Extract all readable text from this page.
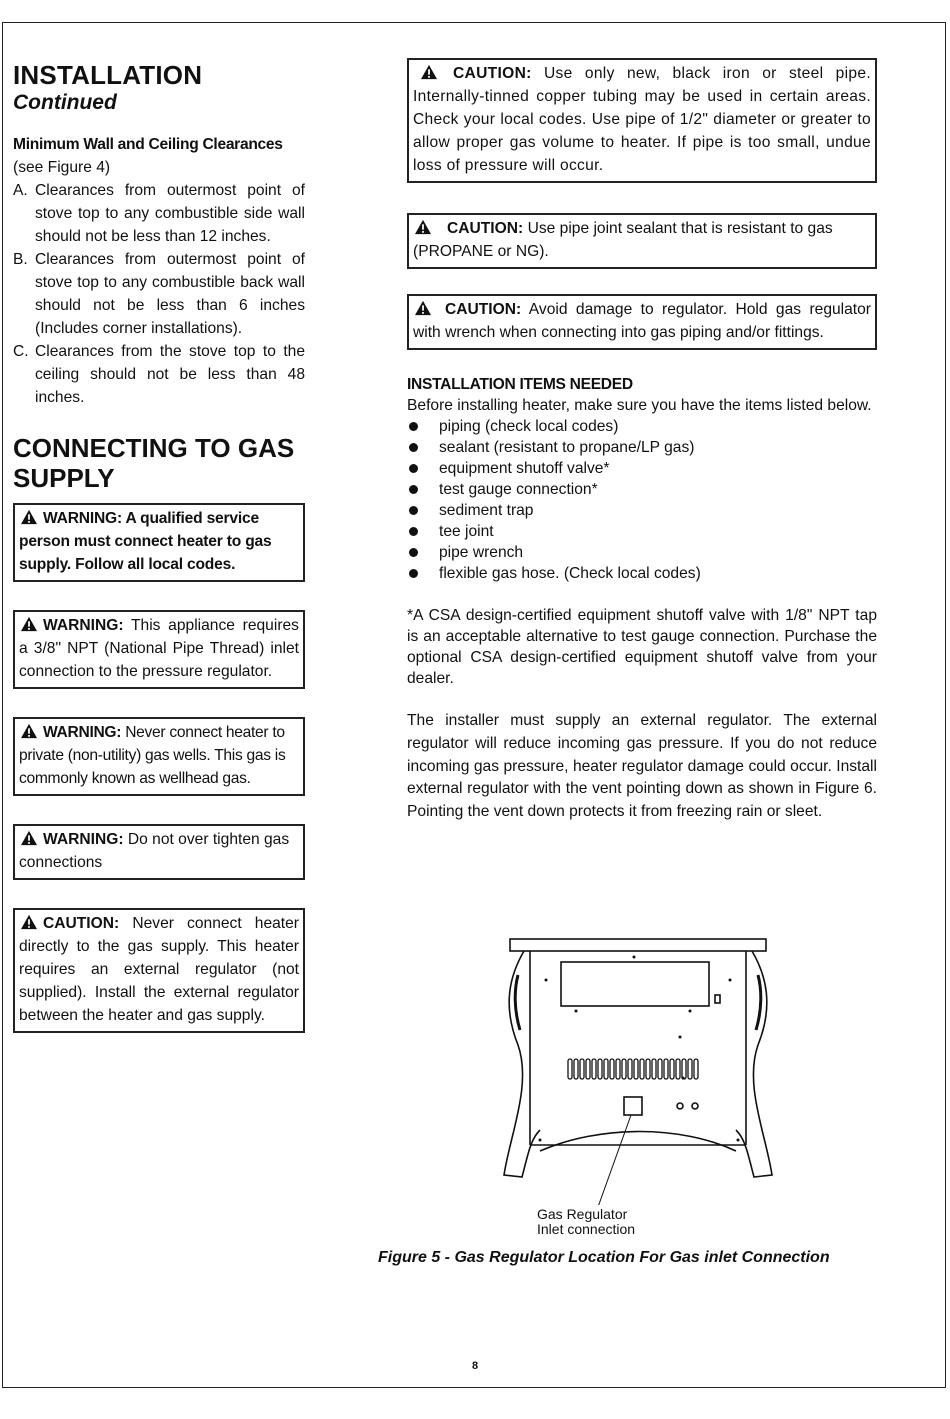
INSTALLATION
Continued
Minimum Wall and Ceiling Clearances

(see Figure 4)

A. Clearances from outermost point of stove top to any combustible side wall should not be less than 12 inches.
B. Clearances from outermost point of stove top to any combustible back wall should not be less than 6 inches (Includes corner installations).
C. Clearances from the stove top to the ceiling should not be less than 48 inches.
CONNECTING TO GAS
SUPPLY
WARNING: A qualified service person must connect heater to gas supply. Follow all local codes.
WARNING: This appliance requires a 3/8" NPT (National Pipe Thread) inlet connection to the pressure regulator.
WARNING: Never connect heater to private (non-utility) gas wells. This gas is commonly known as wellhead gas.
WARNING: Do not over tighten gas connections
CAUTION: Never connect heater directly to the gas supply. This heater requires an external regulator (not supplied). Install the external regulator between the heater and gas supply.
CAUTION: Use only new, black iron or steel pipe. Internally-tinned copper tubing may be used in certain areas. Check your local codes. Use pipe of 1/2" diameter or greater to allow proper gas volume to heater. If pipe is too small, undue loss of pressure will occur.
CAUTION: Use pipe joint sealant that is resistant to gas (PROPANE or NG).
CAUTION: Avoid damage to regulator. Hold gas regulator with wrench when connecting into gas piping and/or fittings.
INSTALLATION ITEMS NEEDED

Before installing heater, make sure you have the items listed below.

piping (check local codes)
sealant (resistant to propane/LP gas)
equipment shutoff valve*
test gauge connection*
sediment trap
tee joint
pipe wrench
flexible gas hose. (Check local codes)

*A CSA design-certified equipment shutoff valve with 1/8" NPT tap is an acceptable alternative to test gauge connection. Purchase the optional CSA design-certified equipment shutoff valve from your dealer.

The installer must supply an external regulator. The external regulator will reduce incoming gas pressure. If you do not reduce incoming gas pressure, heater regulator damage could occur. Install external regulator with the vent pointing down as shown in Figure 6. Pointing the vent down protects it from freezing rain or sleet.

Gas Regulator
Inlet connection
Figure 5 - Gas Regulator Location For Gas inlet Connection
8
